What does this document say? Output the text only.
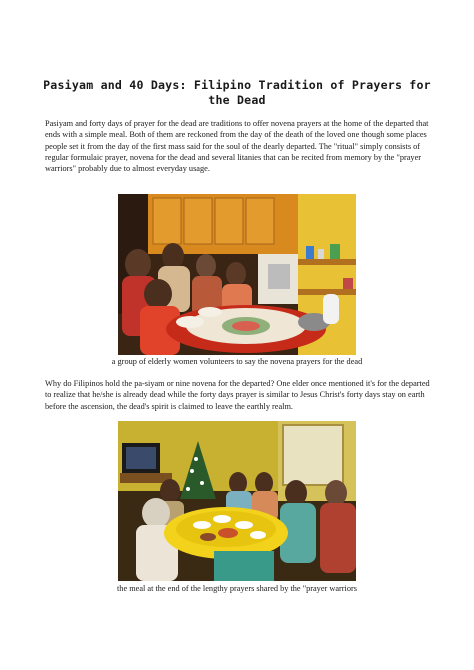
Pasiyam and 40 Days: Filipino Tradition of Prayers for the Dead
Pasiyam and forty days of prayer for the dead are traditions to offer novena prayers at the home of the departed that ends with a simple meal. Both of them are reckoned from the day of the death of the loved one though some places people set it from the day of the first mass said for the soul of the dearly departed. The "ritual" simply consists of regular formulaic prayer, novena for the dead and several litanies that can be recited from memory by the "prayer warriors" probably due to almost everyday usage.
a group of elderly women volunteers to say the novena prayers for the dead
Why do Filipinos hold the pa-siyam or nine novena for the departed? One elder once mentioned it's for the departed to realize that he/she is already dead while the forty days prayer is similar to Jesus Christ's forty days stay on earth before the ascension, the dead's spirit is claimed to leave the earthly realm.
the meal at the end of the lengthy prayers shared by the "prayer warriors
